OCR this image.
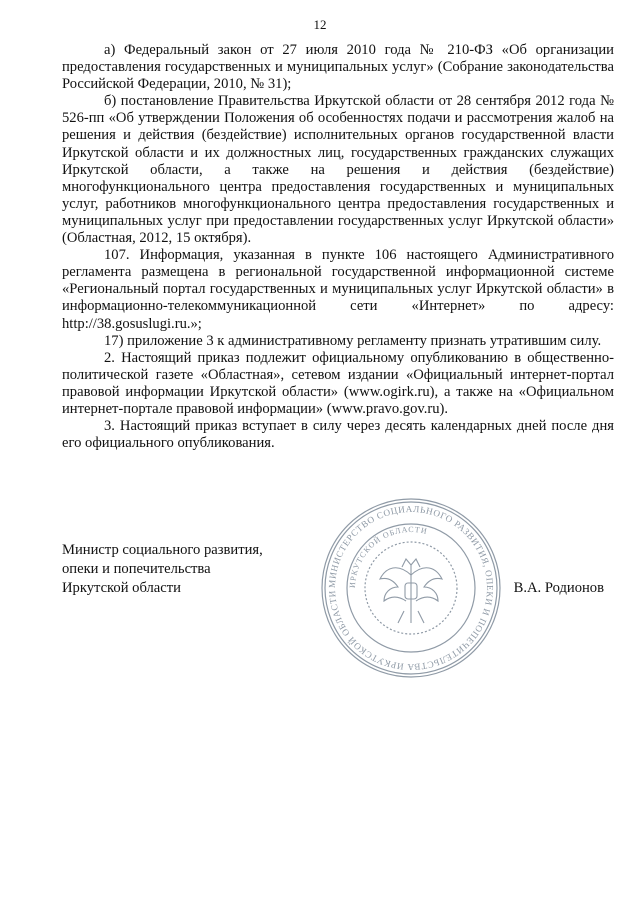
12

а) Федеральный закон от 27 июля 2010 года № 210-ФЗ «Об организации предоставления государственных и муниципальных услуг» (Собрание законодательства Российской Федерации, 2010, № 31);

б) постановление Правительства Иркутской области от 28 сентября 2012 года № 526-пп «Об утверждении Положения об особенностях подачи и рассмотрения жалоб на решения и действия (бездействие) исполнительных органов государственной власти Иркутской области и их должностных лиц, государственных гражданских служащих Иркутской области, а также на решения и действия (бездействие) многофункционального центра предоставления государственных и муниципальных услуг, работников многофункционального центра предоставления государственных и муниципальных услуг при предоставлении государственных услуг Иркутской области» (Областная, 2012, 15 октября).

107. Информация, указанная в пункте 106 настоящего Административного регламента размещена в региональной государственной информационной системе «Региональный портал государственных и муниципальных услуг Иркутской области» в информационно-телекоммуникационной сети «Интернет» по адресу: http://38.gosuslugi.ru.»;

17) приложение 3 к административному регламенту признать утратившим силу.

2. Настоящий приказ подлежит официальному опубликованию в общественно-политической газете «Областная», сетевом издании «Официальный интернет-портал правовой информации Иркутской области» (www.ogirk.ru), а также на «Официальном интернет-портале правовой информации» (www.pravo.gov.ru).

3. Настоящий приказ вступает в силу через десять календарных дней после дня его официального опубликования.

МИНИСТЕРСТВО СОЦИАЛЬНОГО РАЗВИТИЯ, ОПЕКИ И ПОПЕЧИТЕЛЬСТВА ИРКУТСКОЙ ОБЛАСТИ
ИРКУТСКОЙ ОБЛАСТИ
Министр социального развития,
опеки и попечительства
Иркутской области	В.А. Родионов
